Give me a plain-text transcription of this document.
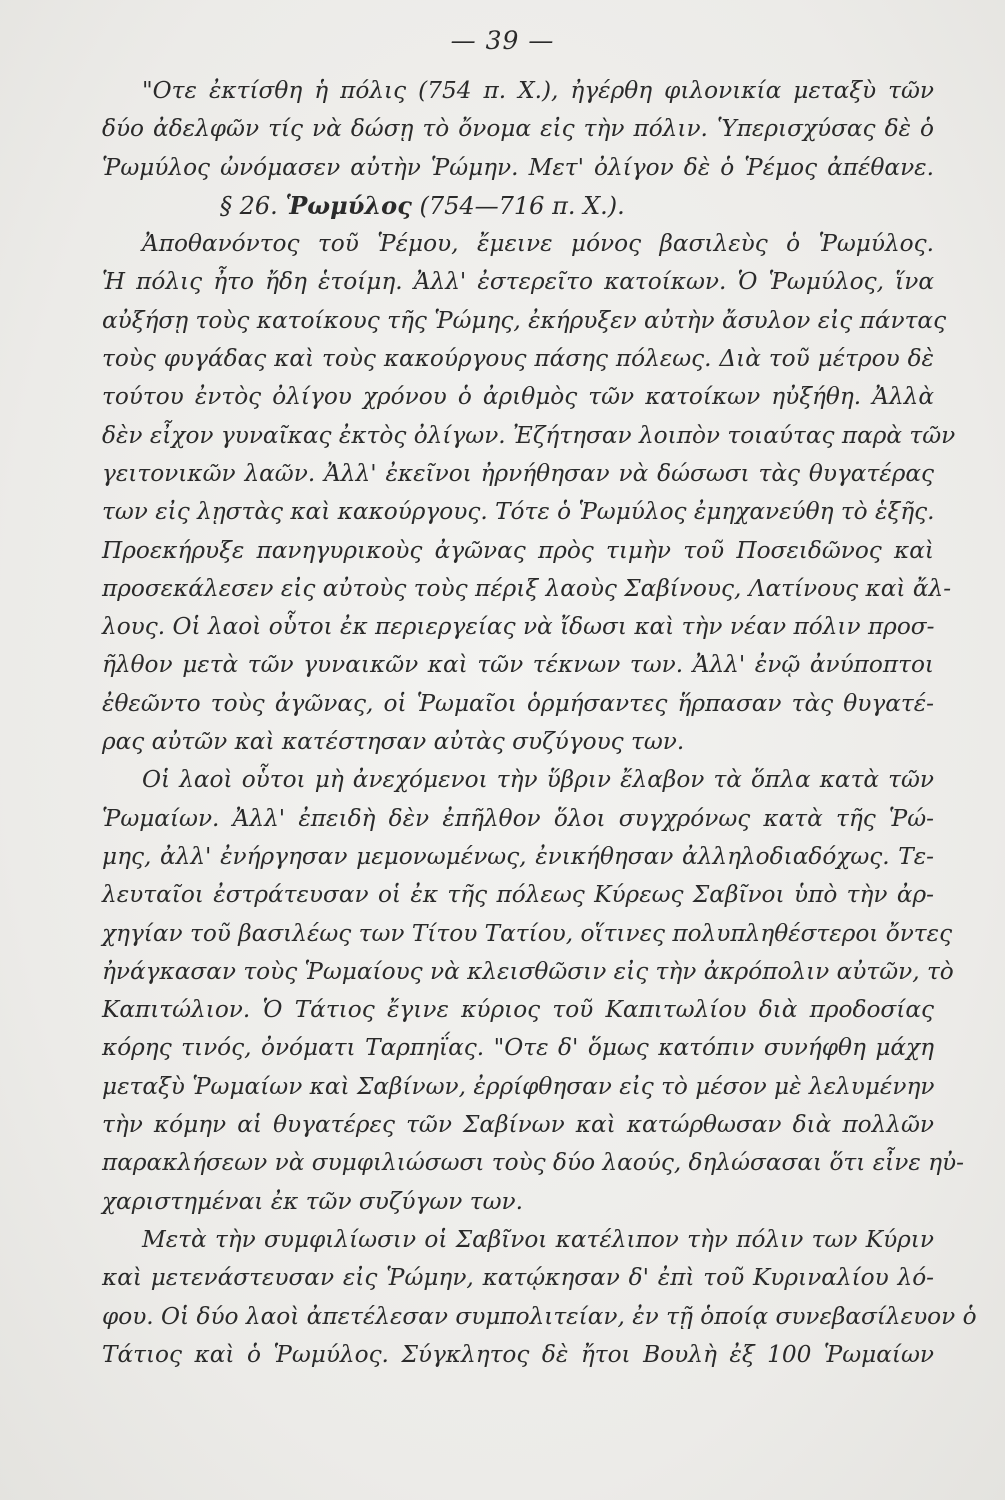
— 39 —
"Οτε ἐκτίσθη ἡ πόλις (754 π. Χ.), ἠγέρθη φιλονικία μεταξὺ τῶν
δύο ἀδελφῶν τίς νὰ δώσῃ τὸ ὄνομα εἰς τὴν πόλιν. Ὑπερισχύσας δὲ ὁ
Ῥωμύλος ὠνόμασεν αὐτὴν Ῥώμην. Μετ' ὀλίγον δὲ ὁ Ῥέμος ἀπέθανε.
§ 26. Ῥωμύλος (754—716 π. Χ.).
Ἀποθανόντος τοῦ Ῥέμου, ἔμεινε μόνος βασιλεὺς ὁ Ῥωμύλος.
Ἡ πόλις ἦτο ἤδη ἑτοίμη. Ἀλλ' ἐστερεῖτο κατοίκων. Ὁ Ῥωμύλος, ἵνα
αὐξήσῃ τοὺς κατοίκους τῆς Ῥώμης, ἐκήρυξεν αὐτὴν ἄσυλον εἰς πάντας
τοὺς φυγάδας καὶ τοὺς κακούργους πάσης πόλεως. Διὰ τοῦ μέτρου δὲ
τούτου ἐντὸς ὀλίγου χρόνου ὁ ἀριθμὸς τῶν κατοίκων ηὐξήθη. Ἀλλὰ
δὲν εἶχον γυναῖκας ἐκτὸς ὀλίγων. Ἐζήτησαν λοιπὸν τοιαύτας παρὰ τῶν
γειτονικῶν λαῶν. Ἀλλ' ἐκεῖνοι ἠρνήθησαν νὰ δώσωσι τὰς θυγατέρας
των εἰς λῃστὰς καὶ κακούργους. Τότε ὁ Ῥωμύλος ἐμηχανεύθη τὸ ἑξῆς.
Προεκήρυξε πανηγυρικοὺς ἀγῶνας πρὸς τιμὴν τοῦ Ποσειδῶνος καὶ
προσεκάλεσεν εἰς αὐτοὺς τοὺς πέριξ λαοὺς Σαβίνους, Λατίνους καὶ ἄλ-
λους. Οἱ λαοὶ οὗτοι ἐκ περιεργείας νὰ ἴδωσι καὶ τὴν νέαν πόλιν προσ-
ῆλθον μετὰ τῶν γυναικῶν καὶ τῶν τέκνων των. Ἀλλ' ἐνῷ ἀνύποπτοι
ἐθεῶντο τοὺς ἀγῶνας, οἱ Ῥωμαῖοι ὁρμήσαντες ἥρπασαν τὰς θυγατέ-
ρας αὐτῶν καὶ κατέστησαν αὐτὰς συζύγους των.
Οἱ λαοὶ οὗτοι μὴ ἀνεχόμενοι τὴν ὕβριν ἔλαβον τὰ ὅπλα κατὰ τῶν
Ῥωμαίων. Ἀλλ' ἐπειδὴ δὲν ἐπῆλθον ὅλοι συγχρόνως κατὰ τῆς Ῥώ-
μης, ἀλλ' ἐνήργησαν μεμονωμένως, ἐνικήθησαν ἀλληλοδιαδόχως. Τε-
λευταῖοι ἐστράτευσαν οἱ ἐκ τῆς πόλεως Κύρεως Σαβῖνοι ὑπὸ τὴν ἀρ-
χηγίαν τοῦ βασιλέως των Τίτου Τατίου, οἵτινες πολυπληθέστεροι ὄντες
ἠνάγκασαν τοὺς Ῥωμαίους νὰ κλεισθῶσιν εἰς τὴν ἀκρόπολιν αὐτῶν, τὸ
Καπιτώλιον. Ὁ Τάτιος ἔγινε κύριος τοῦ Καπιτωλίου διὰ προδοσίας
κόρης τινός, ὀνόματι Ταρπηΐας. "Οτε δ' ὅμως κατόπιν συνήφθη μάχη
μεταξὺ Ῥωμαίων καὶ Σαβίνων, ἐρρίφθησαν εἰς τὸ μέσον μὲ λελυμένην
τὴν κόμην αἱ θυγατέρες τῶν Σαβίνων καὶ κατώρθωσαν διὰ πολλῶν
παρακλήσεων νὰ συμφιλιώσωσι τοὺς δύο λαούς, δηλώσασαι ὅτι εἶνε ηὐ-
χαριστημέναι ἐκ τῶν συζύγων των.
Μετὰ τὴν συμφιλίωσιν οἱ Σαβῖνοι κατέλιπον τὴν πόλιν των Κύριν
καὶ μετενάστευσαν εἰς Ῥώμην, κατῴκησαν δ' ἐπὶ τοῦ Κυριναλίου λό-
φου. Οἱ δύο λαοὶ ἀπετέλεσαν συμπολιτείαν, ἐν τῇ ὁποίᾳ συνεβασίλευον ὁ
Τάτιος καὶ ὁ Ῥωμύλος. Σύγκλητος δὲ ἤτοι Βουλὴ ἐξ 100 Ῥωμαίων
